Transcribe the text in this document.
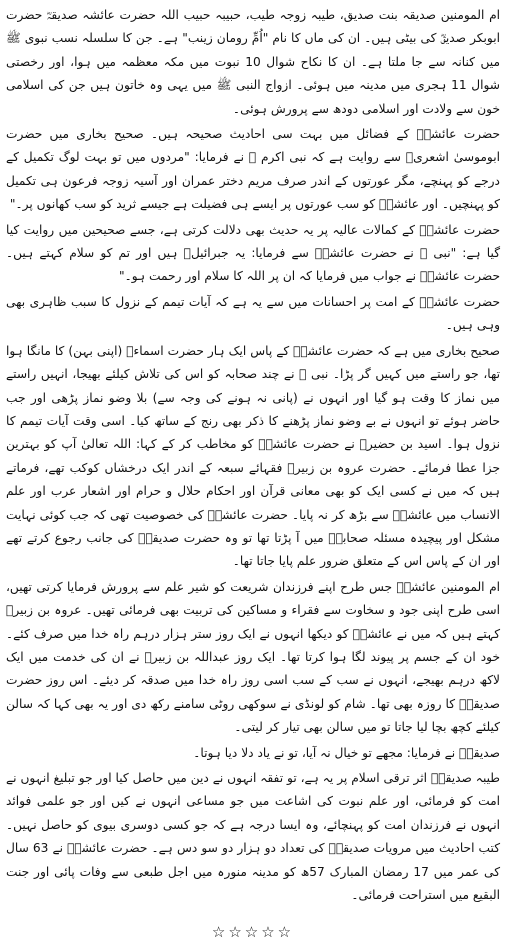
ام المومنین صدیقہ بنت صدیق، طیبہ زوجہ طیب، حبیبہ حبیب اللہ حضرت عائشہ صدیقہؓ حضرت ابوبکر صدیقؓ کی بیٹی ہیں۔ ان کی ماں کا نام "اُمِّ رومان زینب" ہے۔ جن کا سلسلہ نسب نبوی ﷺ میں کنانہ سے جا ملتا ہے۔ ان کا نکاح شوال 10 نبوت میں مکہ معظمہ میں ہوا، اور رخصتی شوال 11 ہجری میں مدینہ میں ہوئی۔ ازواج النبی ﷺ میں یہی وہ خاتون ہیں جن کی اسلامی خون سے ولادت اور اسلامی دودھ سے پرورش ہوئی۔

حضرت عائشہؓ کے فضائل میں بہت سی احادیث صحیحہ ہیں۔ صحیح بخاری میں حضرت ابوموسیٰ اشعریؓ سے روایت ہے کہ نبی اکرم ﷺ نے فرمایا: "مردوں میں تو بہت لوگ تکمیل کے درجے کو پہنچے، مگر عورتوں کے اندر صرف مریم دختر عمران اور آسیہ زوجہ فرعون ہی تکمیل کو پہنچیں۔ اور عائشہؓ کو سب عورتوں پر ایسے ہی فضیلت ہے جیسے ثرید کو سب کھانوں پر۔"

حضرت عائشہؓ کے کمالات عالیہ پر یہ حدیث بھی دلالت کرتی ہے، جسے صحیحین میں روایت کیا گیا ہے: "نبی ﷺ نے حضرت عائشہؓ سے فرمایا: یہ جبرائیلؑ ہیں اور تم کو سلام کہتے ہیں۔ حضرت عائشہؓ نے جواب میں فرمایا کہ ان پر اللہ کا سلام اور رحمت ہو۔"

حضرت عائشہؓ کے امت پر احسانات میں سے یہ ہے کہ آیات تیمم کے نزول کا سبب ظاہری بھی وہی ہیں۔

صحیح بخاری میں ہے کہ حضرت عائشہؓ کے پاس ایک ہار حضرت اسماءؓ (اپنی بہن) کا مانگا ہوا تھا، جو راستے میں کہیں گر پڑا۔ نبی ﷺ نے چند صحابہ کو اس کی تلاش کیلئے بھیجا، انہیں راستے میں نماز کا وقت ہو گیا اور انہوں نے (پانی نہ ہونے کی وجہ سے) بلا وضو نماز پڑھی اور جب حاضر ہوئے تو انہوں نے بے وضو نماز پڑھنے کا ذکر بھی رنج کے ساتھ کیا۔ اسی وقت آیات تیمم کا نزول ہوا۔ اسید بن حضیرؓ نے حضرت عائشہؓ کو مخاطب کر کے کہا: اللہ تعالیٰ آپ کو بہترین جزا عطا فرمائے۔ حضرت عروہ بن زبیرؓ فقہائے سبعہ کے اندر ایک درخشاں کوکب تھے، فرماتے ہیں کہ میں نے کسی ایک کو بھی معانی قرآن اور احکام حلال و حرام اور اشعار عرب اور علم الانساب میں عائشہؓ سے بڑھ کر نہ پایا۔ حضرت عائشہؓ کی خصوصیت تھی کہ جب کوئی نہایت مشکل اور پیچیدہ مسئلہ صحابہؓ میں آ پڑتا تھا تو وہ حضرت صدیقہؓ کی جانب رجوع کرتے تھے اور ان کے پاس اس کے متعلق ضرور علم پایا جاتا تھا۔

ام المومنین عائشہؓ جس طرح اپنے فرزندان شریعت کو شیر علم سے پرورش فرمایا کرتی تھیں، اسی طرح اپنی جود و سخاوت سے فقراء و مساکین کی تربیت بھی فرمائی تھیں۔ عروہ بن زبیرؓ کہتے ہیں کہ میں نے عائشہؓ کو دیکھا انہوں نے ایک روز ستر ہزار درہم راہ خدا میں صرف کئے۔ خود ان کے جسم پر پیوند لگا ہوا کرتا تھا۔ ایک روز عبداللہ بن زبیرؓ نے ان کی خدمت میں ایک لاکھ درہم بھیجے، انہوں نے سب کے سب اسی روز راہ خدا میں صدقہ کر دیئے۔ اس روز حضرت صدیقہؓ کا روزہ بھی تھا۔ شام کو لونڈی نے سوکھی روٹی سامنے رکھ دی اور یہ بھی کہا کہ سالن کیلئے کچھ بچا لیا جاتا تو میں سالن بھی تیار کر لیتی۔

صدیقہؓ نے فرمایا: مجھے تو خیال نہ آیا، تو نے یاد دلا دیا ہوتا۔

طیبہ صدیقہؓ اثر ترقی اسلام پر یہ ہے، تو تفقہ انہوں نے دین میں حاصل کیا اور جو تبلیغ انہوں نے امت کو فرمائی، اور علم نبوت کی اشاعت میں جو مساعی انہوں نے کیں اور جو علمی فوائد انہوں نے فرزندان امت کو پہنچائے، وہ ایسا درجہ ہے کہ جو کسی دوسری بیوی کو حاصل نہیں۔ کتب احادیث میں مرویات صدیقہؓ کی تعداد دو ہزار دو سو دس ہے۔ حضرت عائشہؓ نے 63 سال کی عمر میں 17 رمضان المبارک 57ھ کو مدینہ منورہ میں اجل طبعی سے وفات پائی اور جنت البقیع میں استراحت فرمائی۔

☆☆☆☆☆
